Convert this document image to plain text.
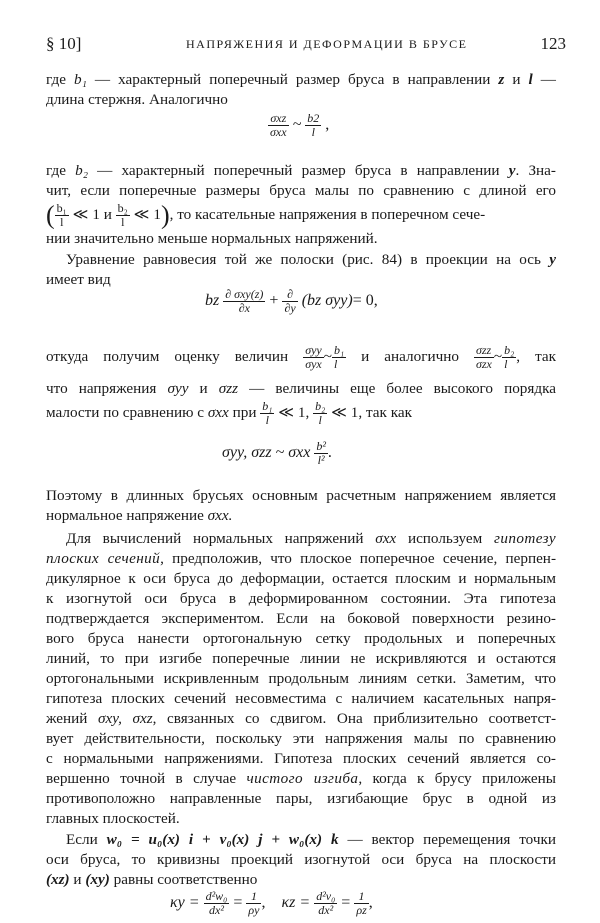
§ 10]	НАПРЯЖЕНИЯ И ДЕФОРМАЦИИ В БРУСЕ	123
где b₁ — характерный поперечный размер бруса в направлении z и l —
длина стержня. Аналогично
$\frac{\text{σxz}}{\text{σxx}}$ ~ $\frac{b2}{l}$ ,
где b₂ — характерный поперечный размер бруса в направлении y. Зна-
чит, если поперечные размеры бруса малы по сравнению с длиной его
( $\frac{\text{b₁}}{l}$ ≪ 1 и $\frac{\text{b₂}}{l}$ ≪ 1), то касательные напряжения в поперечном сече-
нии значительно меньше нормальных напряжений.
Уравнение равновесия той же полоски (рис. 84) в проекции на ось y
имеет вид
bz $\frac{\text{∂ σxy(z)}}{\partial x} + \frac{\partial}{\partial y} (bz$ σyy)= 0,
откуда получим оценку величин $\frac{\text{σyy}}{\text{σyx}}$ ~ $\frac{\text{b₁}}{l}$ и аналогично $\frac{\text{σzz}}{\text{σzx}}$ ~ $\frac{\text{b₂}}{l}$ , так
что напряжения σyy и σzz — величины еще более высокого порядка
малости по сравнению с σxx при $\frac{\text{b₁}}{l}$ ≪ 1, $\frac{\text{b₂}}{l}$ ≪ 1, так как
σyy, σzz ~ σxx $\frac{\text{b²}}{\text{l²}}$ .
Поэтому в длинных брусьях основным расчетным напряжением является
нормальное напряжение σxx.
Для вычислений нормальных напряжений σxx используем гипотезу
плоских сечений, предположив, что плоское поперечное сечение, перпен-
дикулярное к оси бруса до деформации, остается плоским и нормальным
к изогнутой оси бруса в деформированном состоянии. Эта гипотеза
подтверждается экспериментом. Если на боковой поверхности резино-
вого бруса нанести ортогональную сетку продольных и поперечных
линий, то при изгибе поперечные линии не искривляются и остаются
ортогональными искривленным продольным линиям сетки. Заметим, что
гипотеза плоских сечений несовместима с наличием касательных напря-
жений σxy, σxz, связанных со сдвигом. Она приблизительно соответст-
вует действительности, поскольку эти напряжения малы по сравнению
с нормальными напряжениями. Гипотеза плоских сечений является со-
вершенно точной в случае чистого изгиба, когда к брусу приложены
противоположно направленные пары, изгибающие брус в одной из
главных плоскостей.
Если w₀ = u₀(x) i + v₀(x) j + w₀(x) k — вектор перемещения точки
оси бруса, то кривизны проекций изогнутой оси бруса на плоскости
(xz) и (xy) равны соответственно
$\kappa y = \frac{\text{d²w₀}}{\text{dx²}} = \frac{1}{\rho y}$ , $\kappa z = \frac{\text{d²v₀}}{\text{dx²}} = \frac{1}{\rho z}$ ,
